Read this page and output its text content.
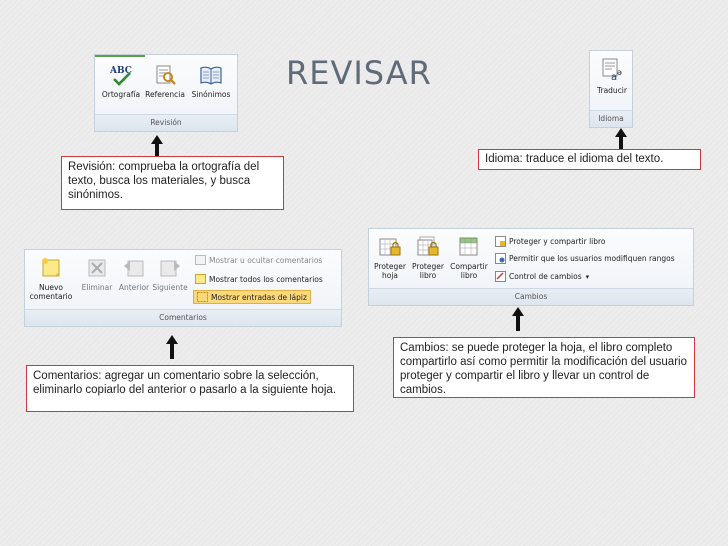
REVISAR
ABC
Ortografía Referencia Sinónimos
Revisión
Revisión: comprueba la ortografía del texto, busca los materiales, y busca sinónimos.
a ə
Traducir
Idioma
Idioma: traduce el idioma del texto.
Nuevo
comentario
Eliminar Anterior Siguiente
Mostrar u ocultar comentarios
Mostrar todos los comentarios
Mostrar entradas de lápiz
Comentarios
Comentarios: agregar un comentario sobre la selección, eliminarlo copiarlo del anterior o pasarlo a la siguiente hoja.
Proteger
hoja
Proteger
libro
Compartir
libro
Proteger y compartir libro
Permitir que los usuarios modifiquen rangos
Control de cambios ▾
Cambios
Cambios: se puede proteger la hoja, el libro completo compartirlo así como permitir la modificación del usuario proteger y compartir el libro y llevar un control de cambios.
